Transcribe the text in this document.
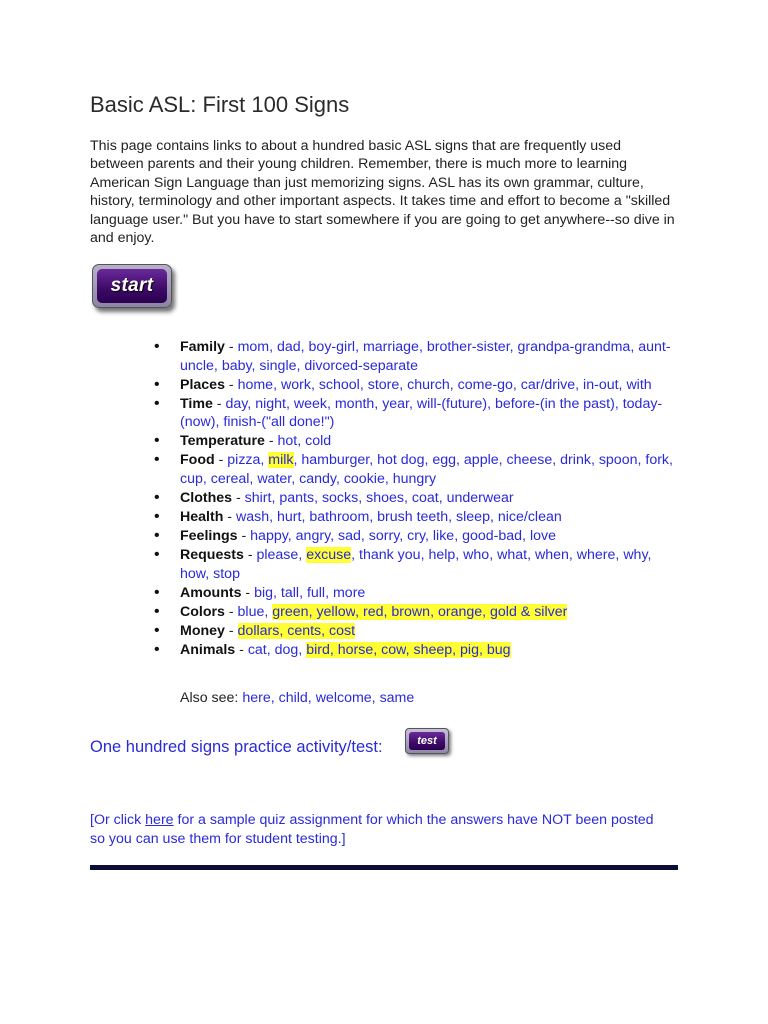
Basic ASL: First 100 Signs

This page contains links to about a hundred basic ASL signs that are frequently used between parents and their young children. Remember, there is much more to learning American Sign Language than just memorizing signs. ASL has its own grammar, culture, history, terminology and other important aspects. It takes time and effort to become a "skilled language user." But you have to start somewhere if you are going to get anywhere--so dive in and enjoy.

start
• Family - mom, dad, boy-girl, marriage, brother-sister, grandpa-grandma, aunt-uncle, baby, single, divorced-separate
• Places - home, work, school, store, church, come-go, car/drive, in-out, with
• Time - day, night, week, month, year, will-(future), before-(in the past), today-(now), finish-("all done!")
• Temperature - hot, cold
• Food - pizza, milk, hamburger, hot dog, egg, apple, cheese, drink, spoon, fork, cup, cereal, water, candy, cookie, hungry
• Clothes - shirt, pants, socks, shoes, coat, underwear
• Health - wash, hurt, bathroom, brush teeth, sleep, nice/clean
• Feelings - happy, angry, sad, sorry, cry, like, good-bad, love
• Requests - please, excuse, thank you, help, who, what, when, where, why, how, stop
• Amounts - big, tall, full, more
• Colors - blue, green, yellow, red, brown, orange, gold & silver
• Money - dollars, cents, cost
• Animals - cat, dog, bird, horse, cow, sheep, pig, bug
Also see: here, child, welcome, same
One hundred signs practice activity/test:	test

[Or click here for a sample quiz assignment for which the answers have NOT been posted so you can use them for student testing.]
